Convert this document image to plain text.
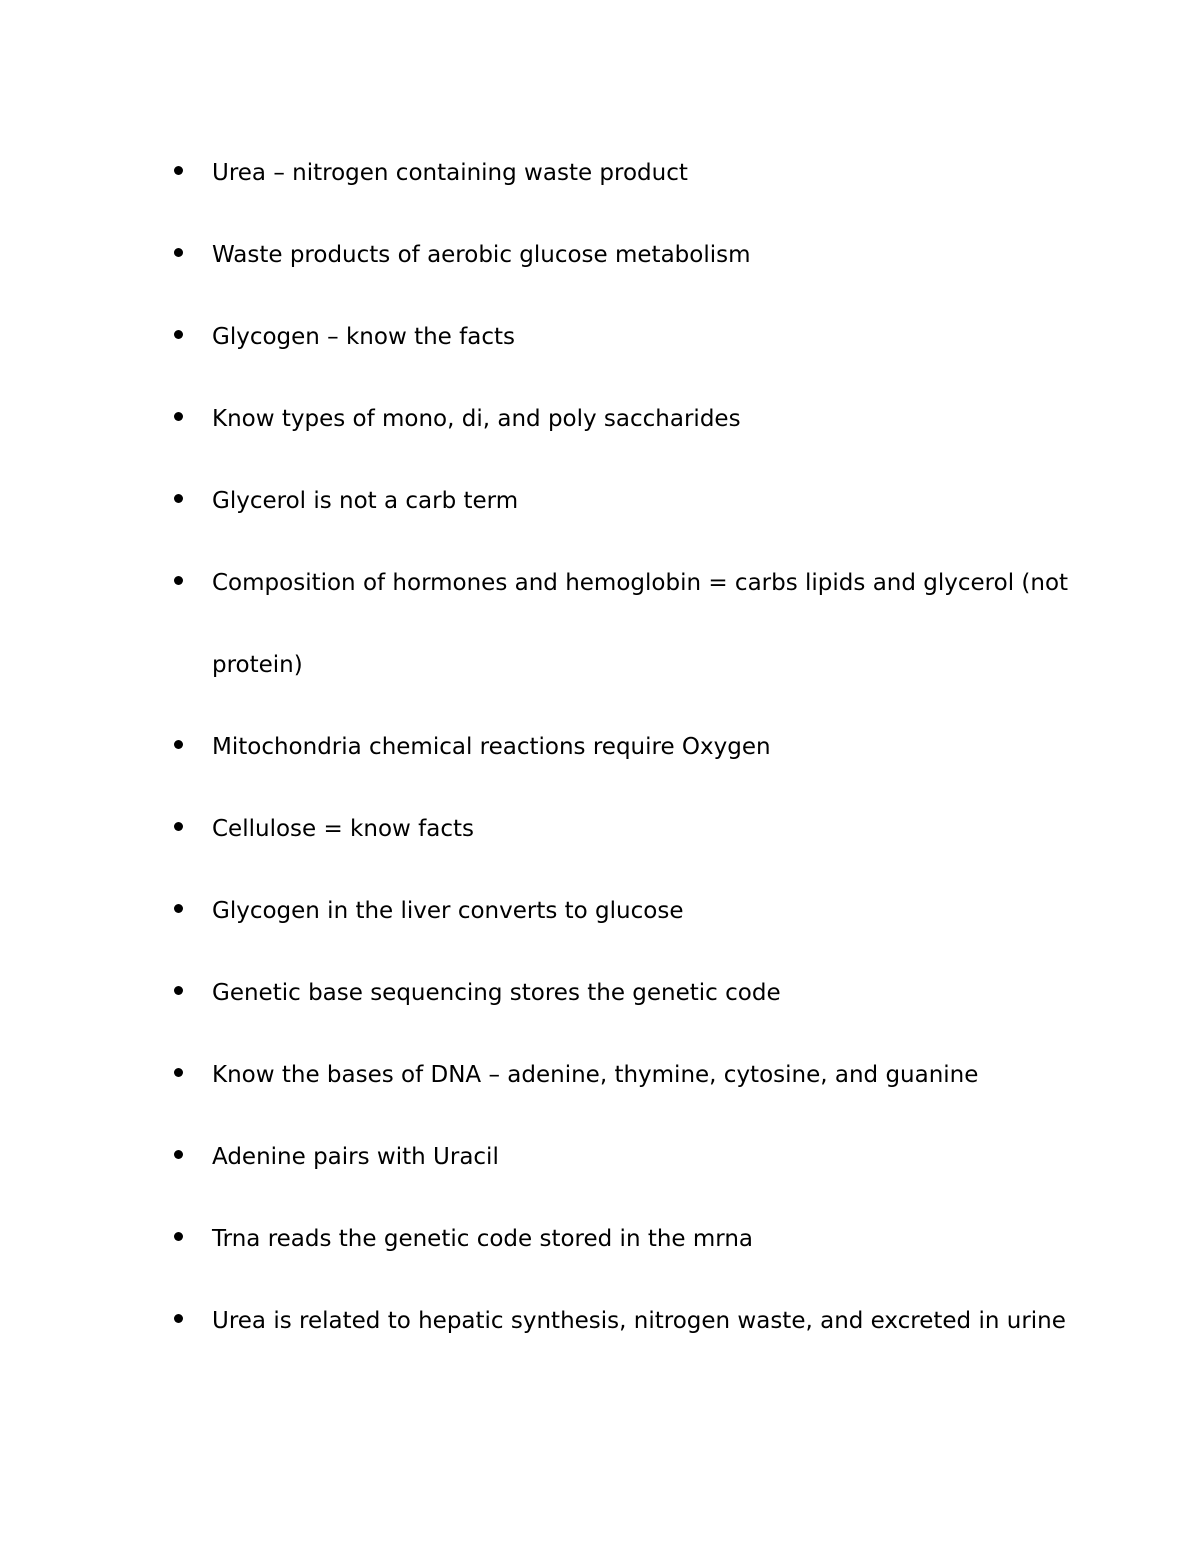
Urea – nitrogen containing waste product
Waste products of aerobic glucose metabolism
Glycogen – know the facts
Know types of mono, di, and poly saccharides
Glycerol is not a carb term
Composition of hormones and hemoglobin = carbs lipids and glycerol (not protein)
Mitochondria chemical reactions require Oxygen
Cellulose = know facts
Glycogen in the liver converts to glucose
Genetic base sequencing stores the genetic code
Know the bases of DNA – adenine, thymine, cytosine, and guanine
Adenine pairs with Uracil
Trna reads the genetic code stored in the mrna
Urea is related to hepatic synthesis, nitrogen waste, and excreted in urine
